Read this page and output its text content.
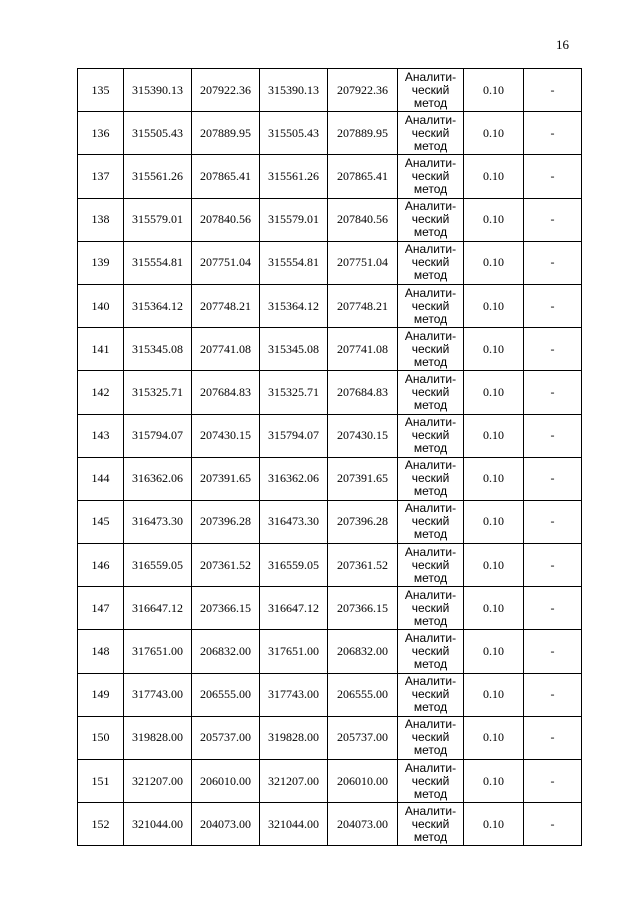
16
135	315390.13	207922.36	315390.13	207922.36	Аналити-
ческий
метод	0.10	-
136	315505.43	207889.95	315505.43	207889.95	Аналити-
ческий
метод	0.10	-
137	315561.26	207865.41	315561.26	207865.41	Аналити-
ческий
метод	0.10	-
138	315579.01	207840.56	315579.01	207840.56	Аналити-
ческий
метод	0.10	-
139	315554.81	207751.04	315554.81	207751.04	Аналити-
ческий
метод	0.10	-
140	315364.12	207748.21	315364.12	207748.21	Аналити-
ческий
метод	0.10	-
141	315345.08	207741.08	315345.08	207741.08	Аналити-
ческий
метод	0.10	-
142	315325.71	207684.83	315325.71	207684.83	Аналити-
ческий
метод	0.10	-
143	315794.07	207430.15	315794.07	207430.15	Аналити-
ческий
метод	0.10	-
144	316362.06	207391.65	316362.06	207391.65	Аналити-
ческий
метод	0.10	-
145	316473.30	207396.28	316473.30	207396.28	Аналити-
ческий
метод	0.10	-
146	316559.05	207361.52	316559.05	207361.52	Аналити-
ческий
метод	0.10	-
147	316647.12	207366.15	316647.12	207366.15	Аналити-
ческий
метод	0.10	-
148	317651.00	206832.00	317651.00	206832.00	Аналити-
ческий
метод	0.10	-
149	317743.00	206555.00	317743.00	206555.00	Аналити-
ческий
метод	0.10	-
150	319828.00	205737.00	319828.00	205737.00	Аналити-
ческий
метод	0.10	-
151	321207.00	206010.00	321207.00	206010.00	Аналити-
ческий
метод	0.10	-
152	321044.00	204073.00	321044.00	204073.00	Аналити-
ческий
метод	0.10	-
